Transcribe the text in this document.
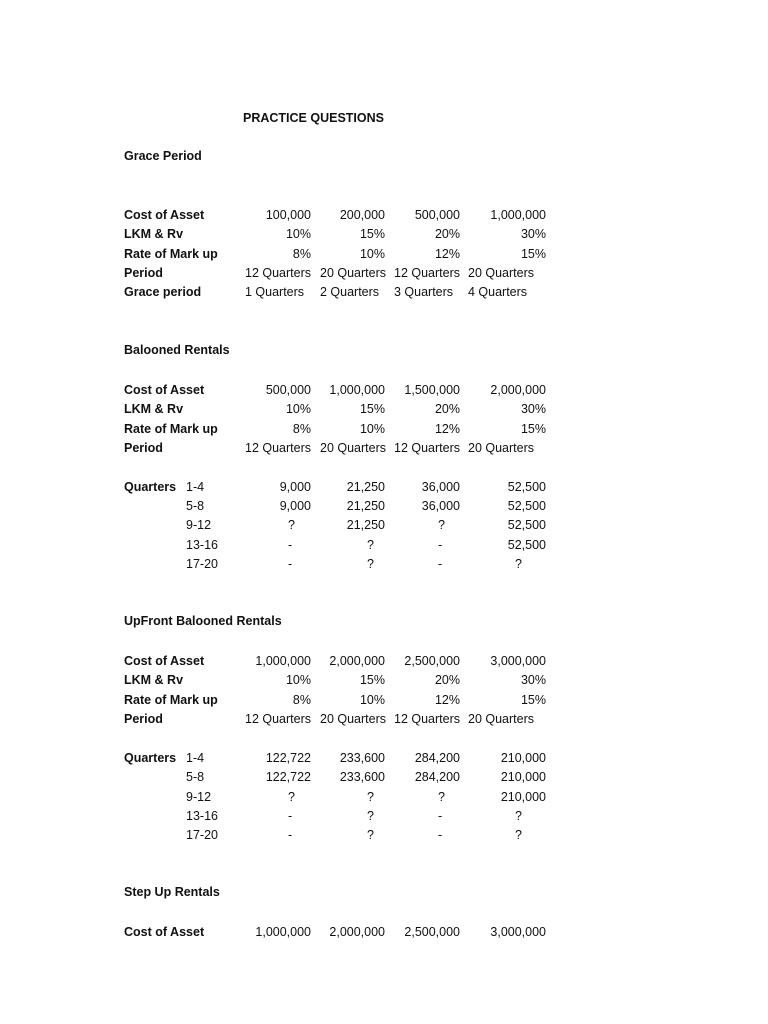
PRACTICE QUESTIONS
Grace Period
Cost of Asset	100,000 200,000 500,000 1,000,000
LKM & Rv	10%	15%	20%	30%
Rate of Mark up	8%	10%	12%	15%
Period	12 Quarters 20 Quarters 12 Quarters 20 Quarters
Grace period	1 Quarters 2 Quarters 3 Quarters 4 Quarters
Balooned Rentals
Cost of Asset	500,000 1,000,000 1,500,000 2,000,000
LKM & Rv	10%	15%	20%	30%
Rate of Mark up	8%	10%	12%	15%
Period	12 Quarters 20 Quarters 12 Quarters 20 Quarters
Quarters 1-4	9,000	21,250	36,000	52,500
5-8	9,000	21,250	36,000	52,500
9-12	?	21,250	?	52,500
13-16	-	?	-	52,500
17-20	-	?	-	?
UpFront Balooned Rentals
Cost of Asset	1,000,000 2,000,000 2,500,000 3,000,000
LKM & Rv	10%	15%	20%	30%
Rate of Mark up	8%	10%	12%	15%
Period	12 Quarters 20 Quarters 12 Quarters 20 Quarters
Quarters 1-4	122,722 233,600 284,200	210,000
5-8	122,722 233,600 284,200	210,000
9-12	?	?	?	210,000
13-16	-	?	-	?
17-20	-	?	-	?
Step Up Rentals
Cost of Asset	1,000,000 2,000,000 2,500,000 3,000,000
